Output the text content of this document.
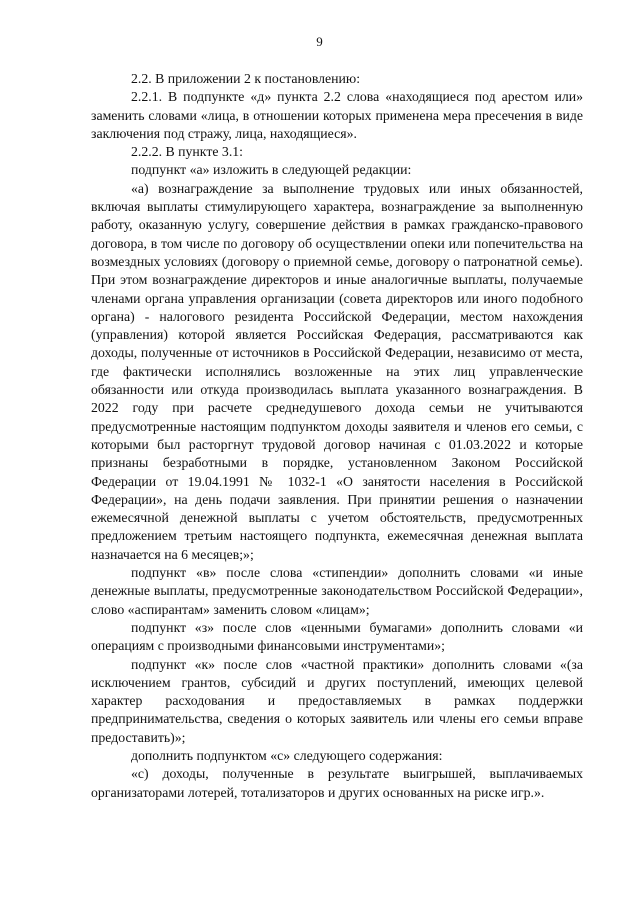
9

2.2. В приложении 2 к постановлению:

2.2.1. В подпункте «д» пункта 2.2 слова «находящиеся под арестом или» заменить словами «лица, в отношении которых применена мера пресечения в виде заключения под стражу, лица, находящиеся».

2.2.2. В пункте 3.1:

подпункт «а» изложить в следующей редакции:

«а) вознаграждение за выполнение трудовых или иных обязанностей, включая выплаты стимулирующего характера, вознаграждение за выполненную работу, оказанную услугу, совершение действия в рамках гражданско-правового договора, в том числе по договору об осуществлении опеки или попечительства на возмездных условиях (договору о приемной семье, договору о патронатной семье). При этом вознаграждение директоров и иные аналогичные выплаты, получаемые членами органа управления организации (совета директоров или иного подобного органа) - налогового резидента Российской Федерации, местом нахождения (управления) которой является Российская Федерация, рассматриваются как доходы, полученные от источников в Российской Федерации, независимо от места, где фактически исполнялись возложенные на этих лиц управленческие обязанности или откуда производилась выплата указанного вознаграждения. В 2022 году при расчете среднедушевого дохода семьи не учитываются предусмотренные настоящим подпунктом доходы заявителя и членов его семьи, с которыми был расторгнут трудовой договор начиная с 01.03.2022 и которые признаны безработными в порядке, установленном Законом Российской Федерации от 19.04.1991 № 1032-1 «О занятости населения в Российской Федерации», на день подачи заявления. При принятии решения о назначении ежемесячной денежной выплаты с учетом обстоятельств, предусмотренных предложением третьим настоящего подпункта, ежемесячная денежная выплата назначается на 6 месяцев;»;

подпункт «в» после слова «стипендии» дополнить словами «и иные денежные выплаты, предусмотренные законодательством Российской Федерации», слово «аспирантам» заменить словом «лицам»;

подпункт «з» после слов «ценными бумагами» дополнить словами «и операциям с производными финансовыми инструментами»;

подпункт «к» после слов «частной практики» дополнить словами «(за исключением грантов, субсидий и других поступлений, имеющих целевой характер расходования и предоставляемых в рамках поддержки предпринимательства, сведения о которых заявитель или члены его семьи вправе предоставить)»;

дополнить подпунктом «с» следующего содержания:

«с) доходы, полученные в результате выигрышей, выплачиваемых организаторами лотерей, тотализаторов и других основанных на риске игр.».
